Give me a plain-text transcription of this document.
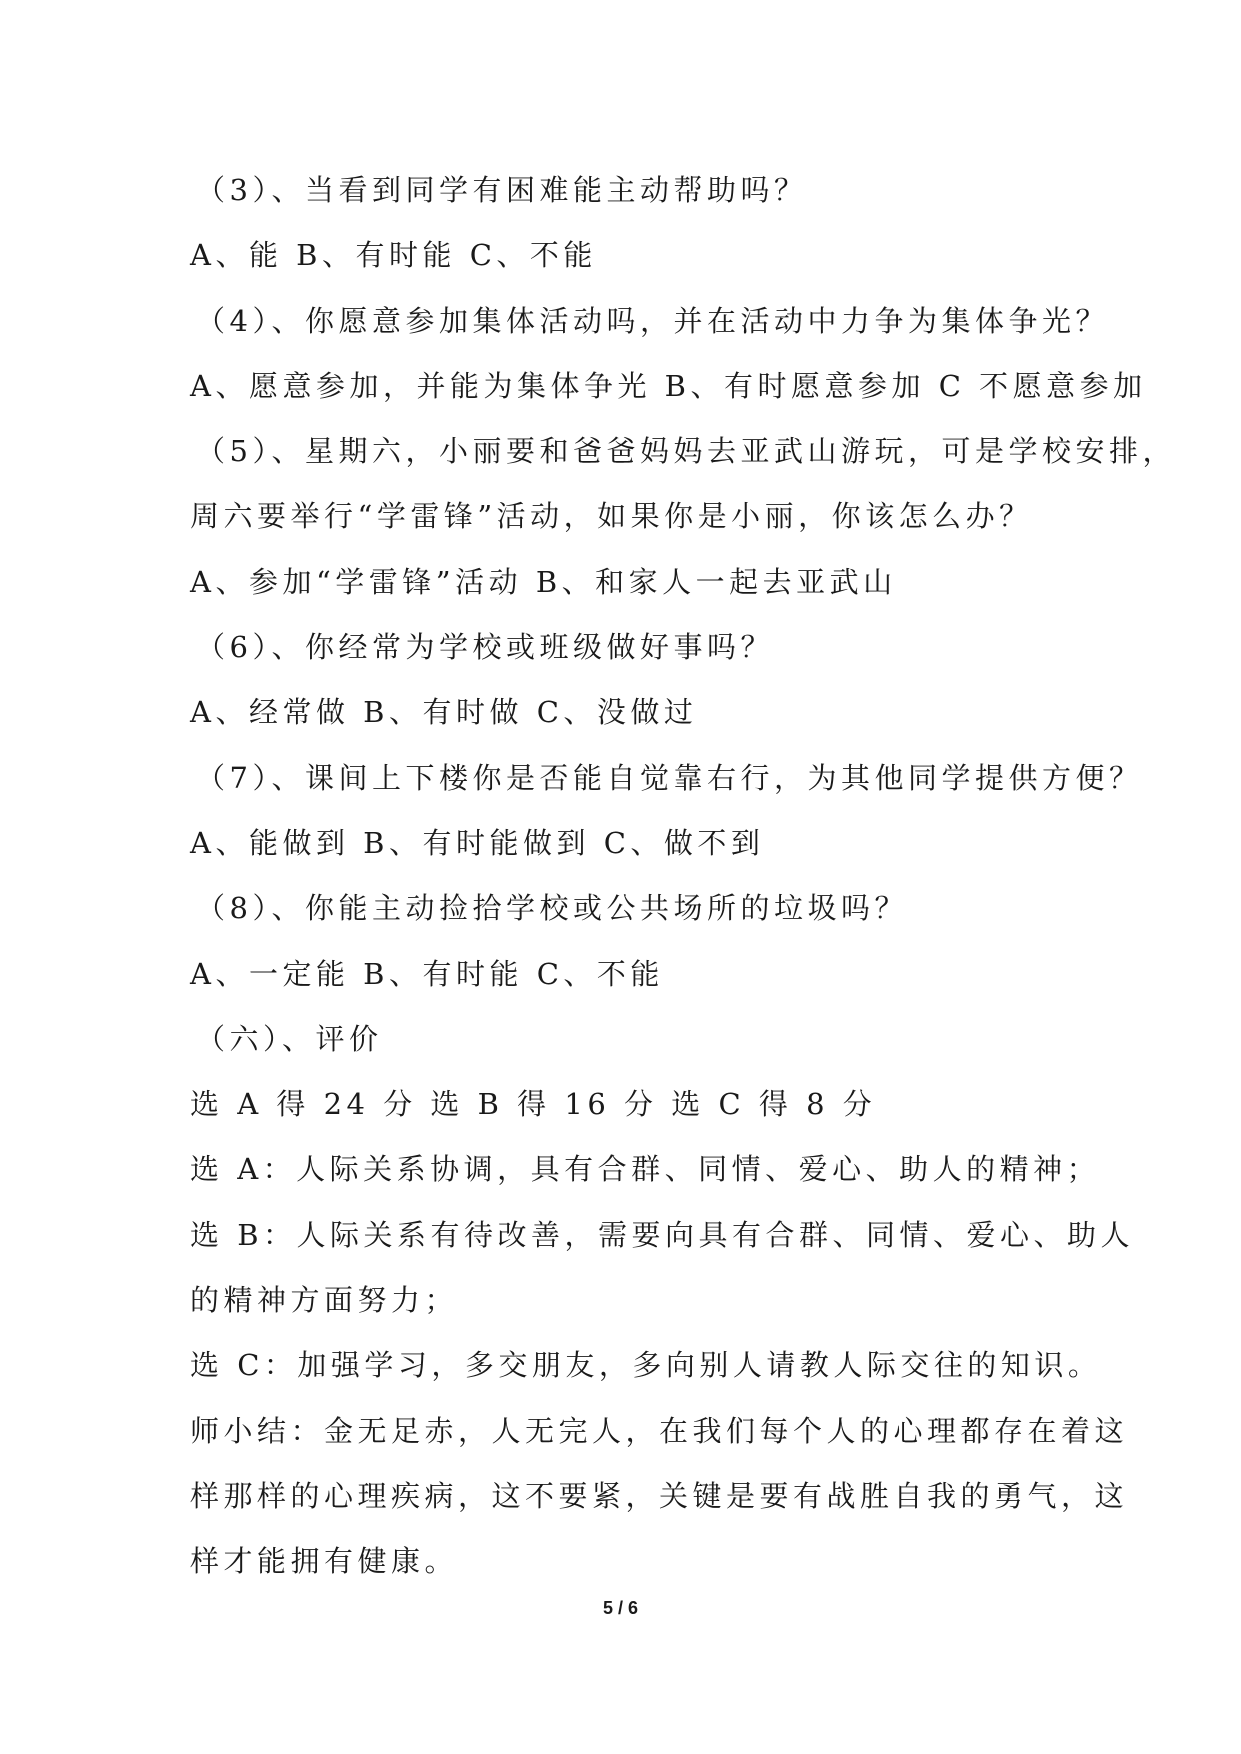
（3）、当看到同学有困难能主动帮助吗？
A、能 B、有时能 C、不能
（4）、你愿意参加集体活动吗，并在活动中力争为集体争光？
A、愿意参加，并能为集体争光 B、有时愿意参加 C 不愿意参加
（5）、星期六，小丽要和爸爸妈妈去亚武山游玩，可是学校安排，
周六要举行“学雷锋”活动，如果你是小丽，你该怎么办？
A、参加“学雷锋”活动 B、和家人一起去亚武山
（6）、你经常为学校或班级做好事吗？
A、经常做 B、有时做 C、没做过
（7）、课间上下楼你是否能自觉靠右行，为其他同学提供方便？
A、能做到 B、有时能做到 C、做不到
（8）、你能主动捡拾学校或公共场所的垃圾吗？
A、一定能 B、有时能 C、不能
（六）、评价
选 A 得 24 分 选 B 得 16 分 选 C 得 8 分
选 A：人际关系协调，具有合群、同情、爱心、助人的精神；
选 B：人际关系有待改善，需要向具有合群、同情、爱心、助人
的精神方面努力；
选 C：加强学习，多交朋友，多向别人请教人际交往的知识。
师小结：金无足赤，人无完人，在我们每个人的心理都存在着这
样那样的心理疾病，这不要紧，关键是要有战胜自我的勇气，这
样才能拥有健康。
5 / 6
